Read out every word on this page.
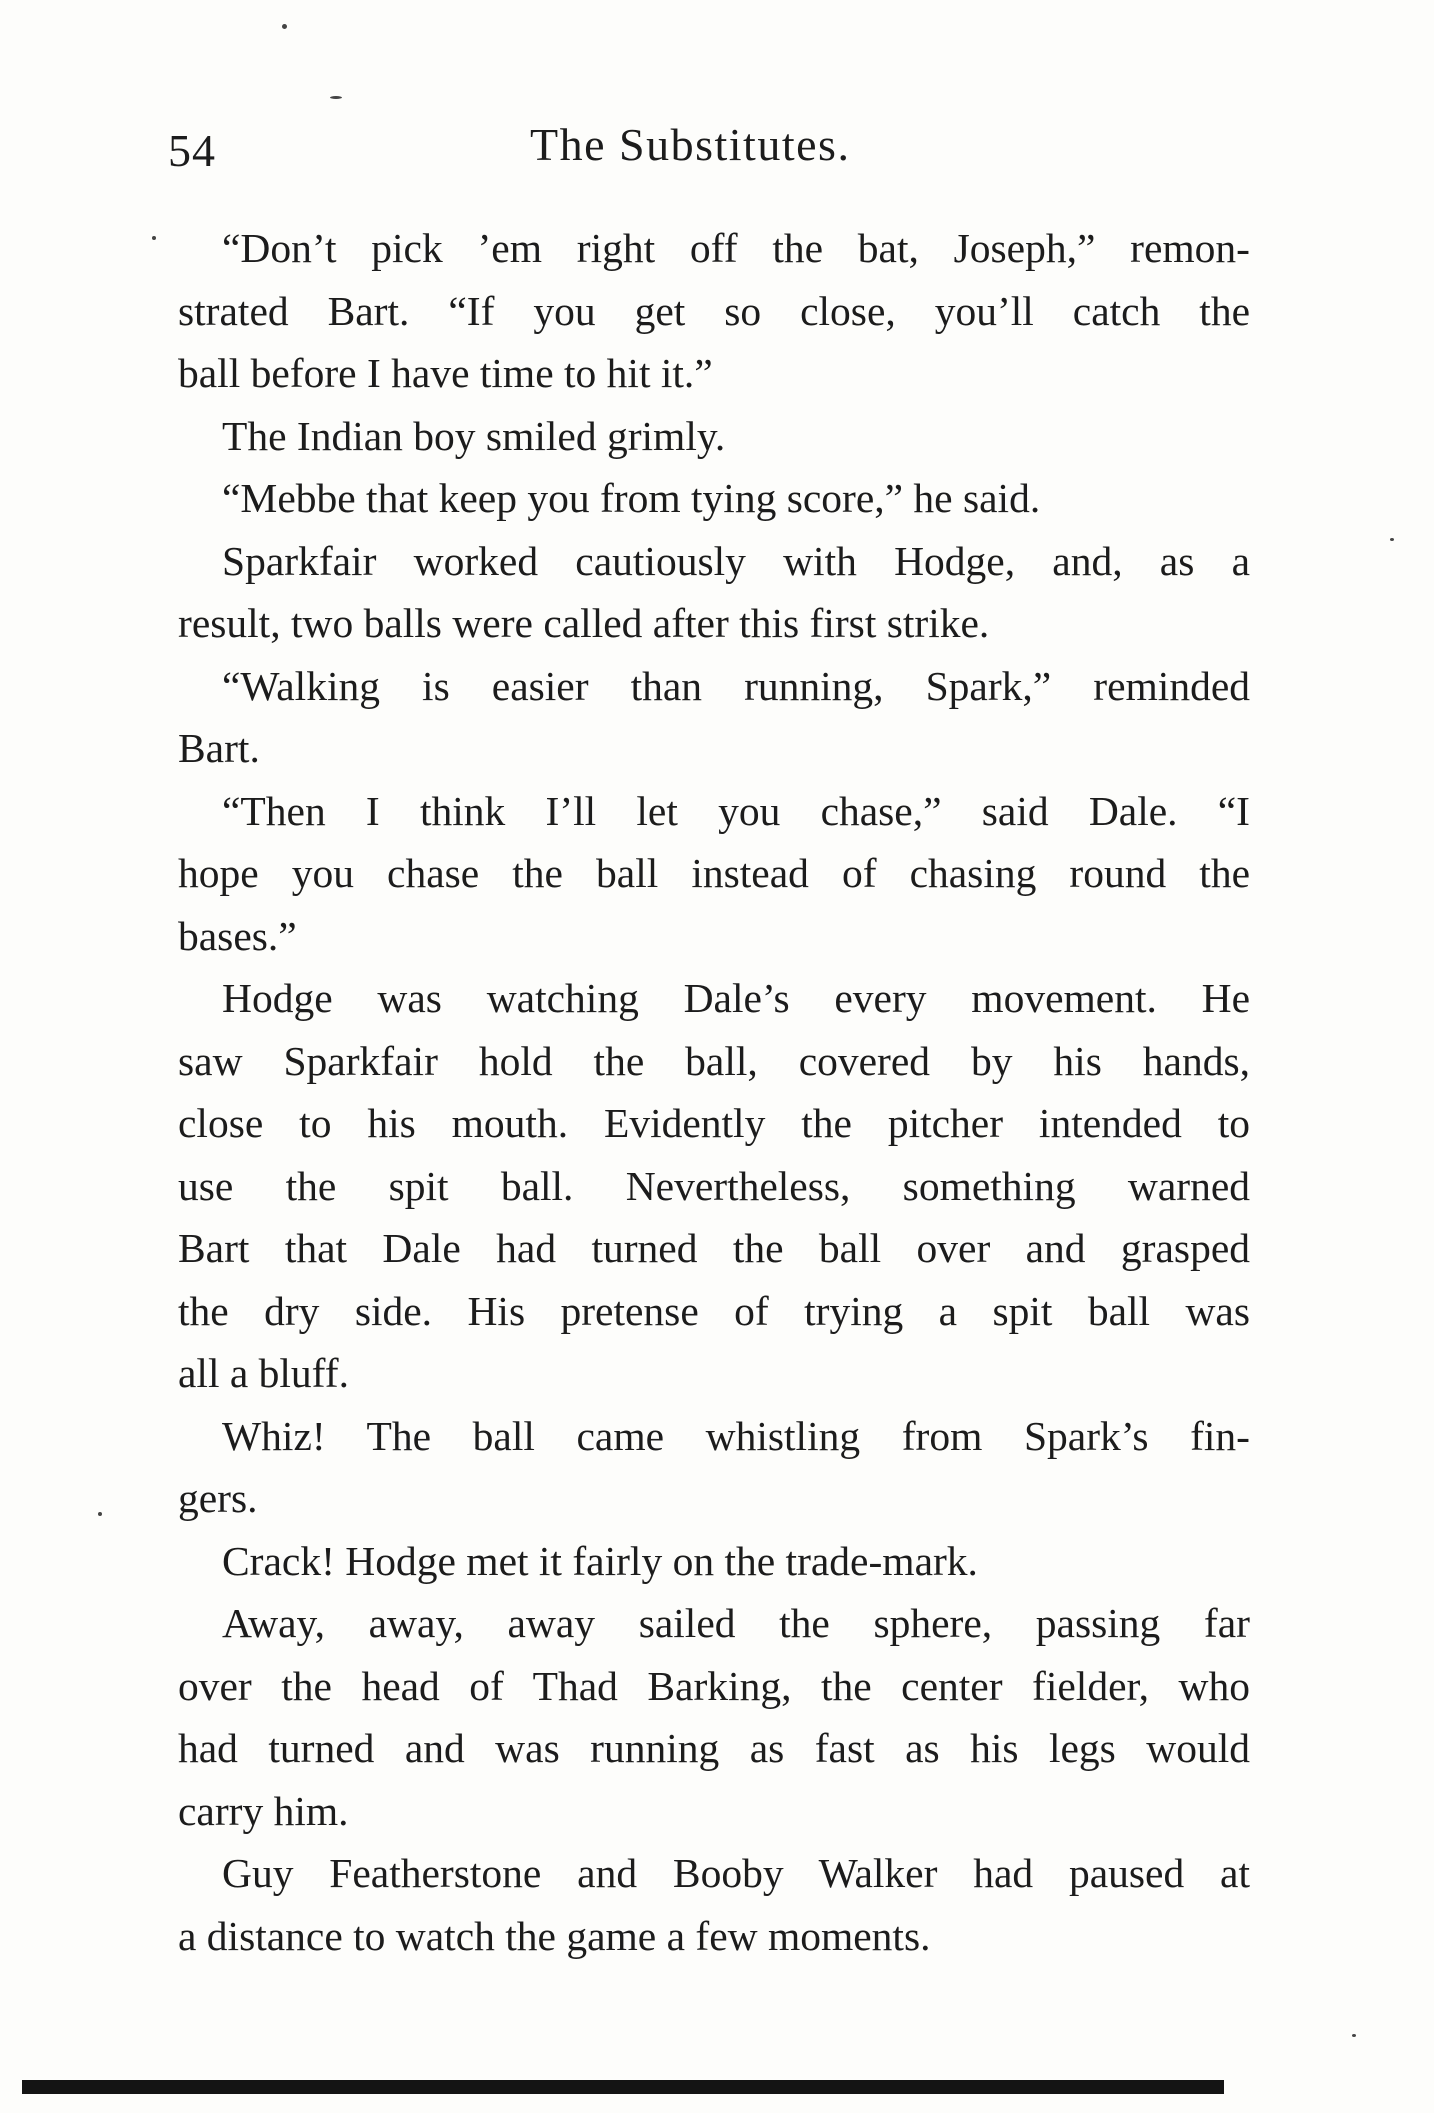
54	The Substitutes.
“Don’t pick ’em right off the bat, Joseph,” remon-
strated Bart. “If you get so close, you’ll catch the
ball before I have time to hit it.”
The Indian boy smiled grimly.
“Mebbe that keep you from tying score,” he said.
Sparkfair worked cautiously with Hodge, and, as a
result, two balls were called after this first strike.
“Walking is easier than running, Spark,” reminded
Bart.
“Then I think I’ll let you chase,” said Dale. “I
hope you chase the ball instead of chasing round the
bases.”
Hodge was watching Dale’s every movement. He
saw Sparkfair hold the ball, covered by his hands,
close to his mouth. Evidently the pitcher intended to
use the spit ball. Nevertheless, something warned
Bart that Dale had turned the ball over and grasped
the dry side. His pretense of trying a spit ball was
all a bluff.
Whiz! The ball came whistling from Spark’s fin-
gers.
Crack! Hodge met it fairly on the trade-mark.
Away, away, away sailed the sphere, passing far
over the head of Thad Barking, the center fielder, who
had turned and was running as fast as his legs would
carry him.
Guy Featherstone and Booby Walker had paused at
a distance to watch the game a few moments.
